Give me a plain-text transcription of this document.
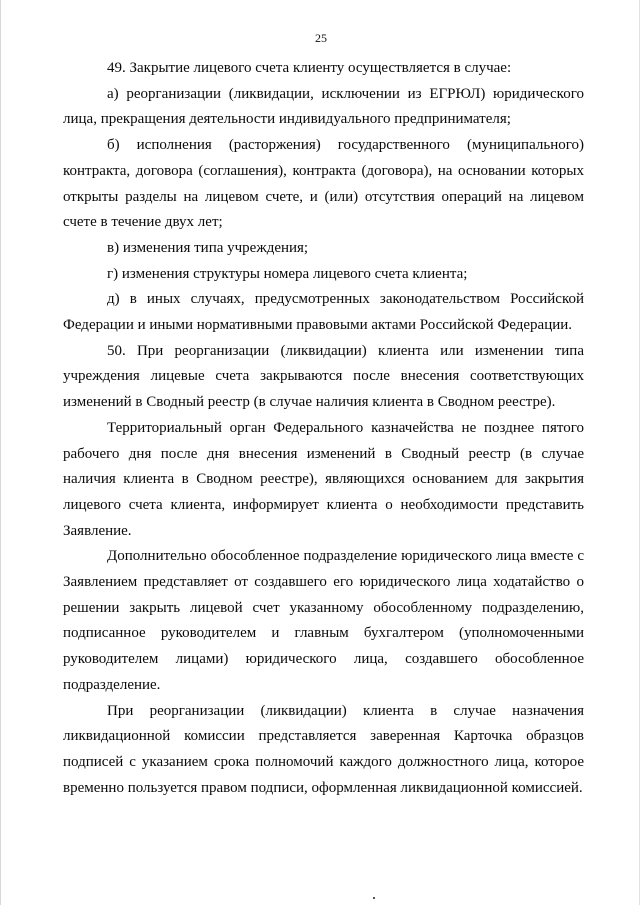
25

49. Закрытие лицевого счета клиенту осуществляется в случае:

а) реорганизации (ликвидации, исключении из ЕГРЮЛ) юридического лица, прекращения деятельности индивидуального предпринимателя;

б) исполнения (расторжения) государственного (муниципального) контракта, договора (соглашения), контракта (договора), на основании которых открыты разделы на лицевом счете, и (или) отсутствия операций на лицевом счете в течение двух лет;

в) изменения типа учреждения;

г) изменения структуры номера лицевого счета клиента;

д) в иных случаях, предусмотренных законодательством Российской Федерации и иными нормативными правовыми актами Российской Федерации.

50. При реорганизации (ликвидации) клиента или изменении типа учреждения лицевые счета закрываются после внесения соответствующих изменений в Сводный реестр (в случае наличия клиента в Сводном реестре).

Территориальный орган Федерального казначейства не позднее пятого рабочего дня после дня внесения изменений в Сводный реестр (в случае наличия клиента в Сводном реестре), являющихся основанием для закрытия лицевого счета клиента, информирует клиента о необходимости представить Заявление.

Дополнительно обособленное подразделение юридического лица вместе с Заявлением представляет от создавшего его юридического лица ходатайство о решении закрыть лицевой счет указанному обособленному подразделению, подписанное руководителем и главным бухгалтером (уполномоченными руководителем лицами) юридического лица, создавшего обособленное подразделение.

При реорганизации (ликвидации) клиента в случае назначения ликвидационной комиссии представляется заверенная Карточка образцов подписей с указанием срока полномочий каждого должностного лица, которое временно пользуется правом подписи, оформленная ликвидационной комиссией.
